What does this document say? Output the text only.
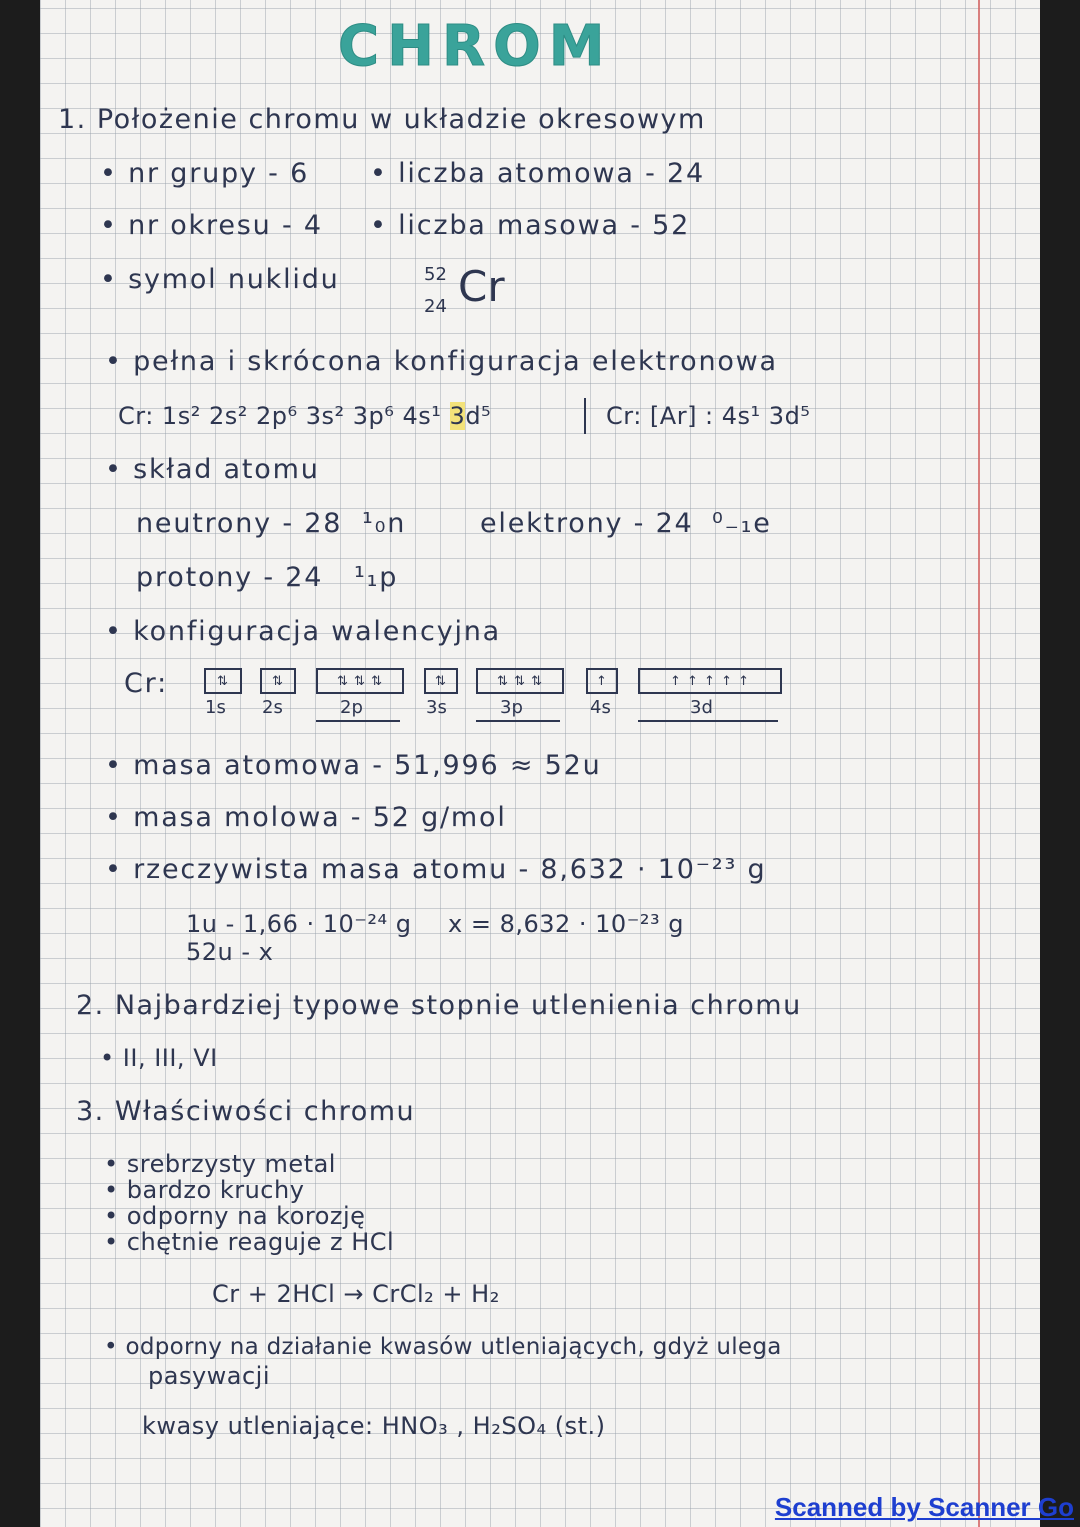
CHROM
1. Położenie chromu w układzie okresowym
• nr grupy - 6 • liczba atomowa - 24
• nr okresu - 4 • liczba masowa - 52
• symol nuklidu	52
24 Cr
• pełna i skrócona konfiguracja elektronowa
Cr: 1s² 2s² 2p⁶ 3s² 3p⁶ 4s¹ 3d⁵	Cr: [Ar] : 4s¹ 3d⁵
• skład atomu
neutrony - 28 ¹₀n	elektrony - 24 ⁰₋₁e
protony - 24 ¹₁p
• konfiguracja walencyjna
Cr:	⇅	⇅	⇅ ⇅ ⇅	⇅	⇅ ⇅ ⇅	↑	↑ ↑ ↑ ↑ ↑
1s 2s	2p	3s	3p	4s	3d
• masa atomowa - 51,996 ≈ 52u
• masa molowa - 52 g/mol
• rzeczywista masa atomu - 8,632 · 10⁻²³ g
1u - 1,66 · 10⁻²⁴ g
52u - x
x = 8,632 · 10⁻²³ g
2. Najbardziej typowe stopnie utlenienia chromu
• II, III, VI
3. Właściwości chromu
• srebrzysty metal
• bardzo kruchy
• odporny na korozję
• chętnie reaguje z HCl
Cr + 2HCl → CrCl₂ + H₂
• odporny na działanie kwasów utleniających, gdyż ulega
pasywacji
kwasy utleniające: HNO₃ , H₂SO₄ (st.)
Scanned by Scanner Go
